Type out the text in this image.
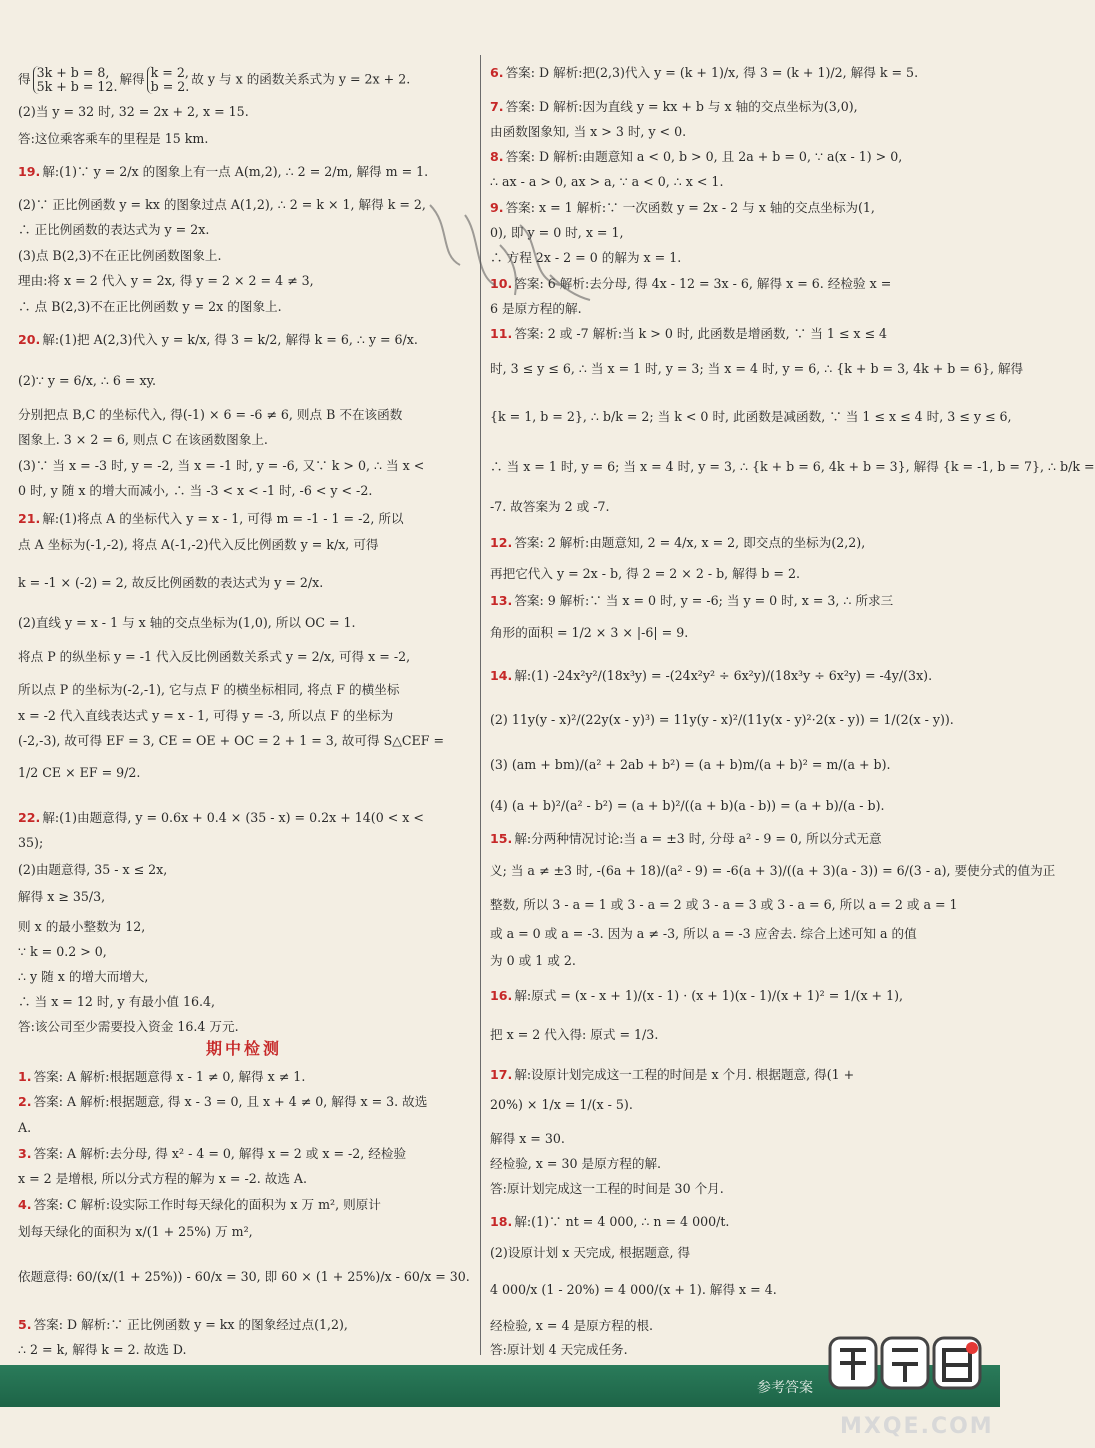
得 3k + b = 8,
5k + b = 12. 解得 k = 2,
b = 2. 故 y 与 x 的函数关系式为 y = 2x + 2.
(2)当 y = 32 时, 32 = 2x + 2, x = 15.
答:这位乘客乘车的里程是 15 km.
19. 解:(1)∵ y = 2/x 的图象上有一点 A(m,2), ∴ 2 = 2/m, 解得 m = 1.
(2)∵ 正比例函数 y = kx 的图象过点 A(1,2), ∴ 2 = k × 1, 解得 k = 2,
∴ 正比例函数的表达式为 y = 2x.
(3)点 B(2,3)不在正比例函数图象上.
理由:将 x = 2 代入 y = 2x, 得 y = 2 × 2 = 4 ≠ 3,
∴ 点 B(2,3)不在正比例函数 y = 2x 的图象上.
20. 解:(1)把 A(2,3)代入 y = k/x, 得 3 = k/2, 解得 k = 6, ∴ y = 6/x.
(2)∵ y = 6/x, ∴ 6 = xy.
分别把点 B,C 的坐标代入, 得(-1) × 6 = -6 ≠ 6, 则点 B 不在该函数
图象上. 3 × 2 = 6, 则点 C 在该函数图象上.
(3)∵ 当 x = -3 时, y = -2, 当 x = -1 时, y = -6, 又∵ k > 0, ∴ 当 x <
0 时, y 随 x 的增大而减小, ∴ 当 -3 < x < -1 时, -6 < y < -2.
21. 解:(1)将点 A 的坐标代入 y = x - 1, 可得 m = -1 - 1 = -2, 所以
点 A 坐标为(-1,-2), 将点 A(-1,-2)代入反比例函数 y = k/x, 可得
k = -1 × (-2) = 2, 故反比例函数的表达式为 y = 2/x.
(2)直线 y = x - 1 与 x 轴的交点坐标为(1,0), 所以 OC = 1.
将点 P 的纵坐标 y = -1 代入反比例函数关系式 y = 2/x, 可得 x = -2,
所以点 P 的坐标为(-2,-1), 它与点 F 的横坐标相同, 将点 F 的横坐标
x = -2 代入直线表达式 y = x - 1, 可得 y = -3, 所以点 F 的坐标为
(-2,-3), 故可得 EF = 3, CE = OE + OC = 2 + 1 = 3, 故可得 S△CEF =
1/2 CE × EF = 9/2.
22. 解:(1)由题意得, y = 0.6x + 0.4 × (35 - x) = 0.2x + 14(0 < x <
35);
(2)由题意得, 35 - x ≤ 2x,
解得 x ≥ 35/3,
则 x 的最小整数为 12,
∵ k = 0.2 > 0,
∴ y 随 x 的增大而增大,
∴ 当 x = 12 时, y 有最小值 16.4,
答:该公司至少需要投入资金 16.4 万元.
期中检测
1. 答案: A 解析:根据题意得 x - 1 ≠ 0, 解得 x ≠ 1.
2. 答案: A 解析:根据题意, 得 x - 3 = 0, 且 x + 4 ≠ 0, 解得 x = 3. 故选
A.
3. 答案: A 解析:去分母, 得 x² - 4 = 0, 解得 x = 2 或 x = -2, 经检验
x = 2 是增根, 所以分式方程的解为 x = -2. 故选 A.
4. 答案: C 解析:设实际工作时每天绿化的面积为 x 万 m², 则原计
划每天绿化的面积为 x/(1 + 25%) 万 m²,
依题意得: 60/(x/(1 + 25%)) - 60/x = 30, 即 60 × (1 + 25%)/x - 60/x = 30.
5. 答案: D 解析:∵ 正比例函数 y = kx 的图象经过点(1,2),
∴ 2 = k, 解得 k = 2. 故选 D.
6. 答案: D 解析:把(2,3)代入 y = (k + 1)/x, 得 3 = (k + 1)/2, 解得 k = 5.
7. 答案: D 解析:因为直线 y = kx + b 与 x 轴的交点坐标为(3,0),
由函数图象知, 当 x > 3 时, y < 0.
8. 答案: D 解析:由题意知 a < 0, b > 0, 且 2a + b = 0, ∵ a(x - 1) > 0,
∴ ax - a > 0, ax > a, ∵ a < 0, ∴ x < 1.
9. 答案: x = 1 解析:∵ 一次函数 y = 2x - 2 与 x 轴的交点坐标为(1,
0), 即 y = 0 时, x = 1,
∴ 方程 2x - 2 = 0 的解为 x = 1.
10. 答案: 6 解析:去分母, 得 4x - 12 = 3x - 6, 解得 x = 6. 经检验 x =
6 是原方程的解.
11. 答案: 2 或 -7 解析:当 k > 0 时, 此函数是增函数, ∵ 当 1 ≤ x ≤ 4
时, 3 ≤ y ≤ 6, ∴ 当 x = 1 时, y = 3; 当 x = 4 时, y = 6, ∴ {k + b = 3, 4k + b = 6}, 解得
{k = 1, b = 2}, ∴ b/k = 2; 当 k < 0 时, 此函数是减函数, ∵ 当 1 ≤ x ≤ 4 时, 3 ≤ y ≤ 6,
∴ 当 x = 1 时, y = 6; 当 x = 4 时, y = 3, ∴ {k + b = 6, 4k + b = 3}, 解得 {k = -1, b = 7}, ∴ b/k =
-7. 故答案为 2 或 -7.
12. 答案: 2 解析:由题意知, 2 = 4/x, x = 2, 即交点的坐标为(2,2),
再把它代入 y = 2x - b, 得 2 = 2 × 2 - b, 解得 b = 2.
13. 答案: 9 解析:∵ 当 x = 0 时, y = -6; 当 y = 0 时, x = 3, ∴ 所求三
角形的面积 = 1/2 × 3 × |-6| = 9.
14. 解:(1) -24x²y²/(18x³y) = -(24x²y² ÷ 6x²y)/(18x³y ÷ 6x²y) = -4y/(3x).
(2) 11y(y - x)²/(22y(x - y)³) = 11y(y - x)²/(11y(x - y)²·2(x - y)) = 1/(2(x - y)).
(3) (am + bm)/(a² + 2ab + b²) = (a + b)m/(a + b)² = m/(a + b).
(4) (a + b)²/(a² - b²) = (a + b)²/((a + b)(a - b)) = (a + b)/(a - b).
15. 解:分两种情况讨论:当 a = ±3 时, 分母 a² - 9 = 0, 所以分式无意
义; 当 a ≠ ±3 时, -(6a + 18)/(a² - 9) = -6(a + 3)/((a + 3)(a - 3)) = 6/(3 - a), 要使分式的值为正
整数, 所以 3 - a = 1 或 3 - a = 2 或 3 - a = 3 或 3 - a = 6, 所以 a = 2 或 a = 1
或 a = 0 或 a = -3. 因为 a ≠ -3, 所以 a = -3 应舍去. 综合上述可知 a 的值
为 0 或 1 或 2.
16. 解:原式 = (x - x + 1)/(x - 1) · (x + 1)(x - 1)/(x + 1)² = 1/(x + 1),
把 x = 2 代入得: 原式 = 1/3.
17. 解:设原计划完成这一工程的时间是 x 个月. 根据题意, 得(1 +
20%) × 1/x = 1/(x - 5).
解得 x = 30.
经检验, x = 30 是原方程的解.
答:原计划完成这一工程的时间是 30 个月.
18. 解:(1)∵ nt = 4 000, ∴ n = 4 000/t.
(2)设原计划 x 天完成, 根据题意, 得
4 000/x (1 - 20%) = 4 000/(x + 1). 解得 x = 4.
经检验, x = 4 是原方程的根.
答:原计划 4 天完成任务.
参考答案
MXQE.COM
